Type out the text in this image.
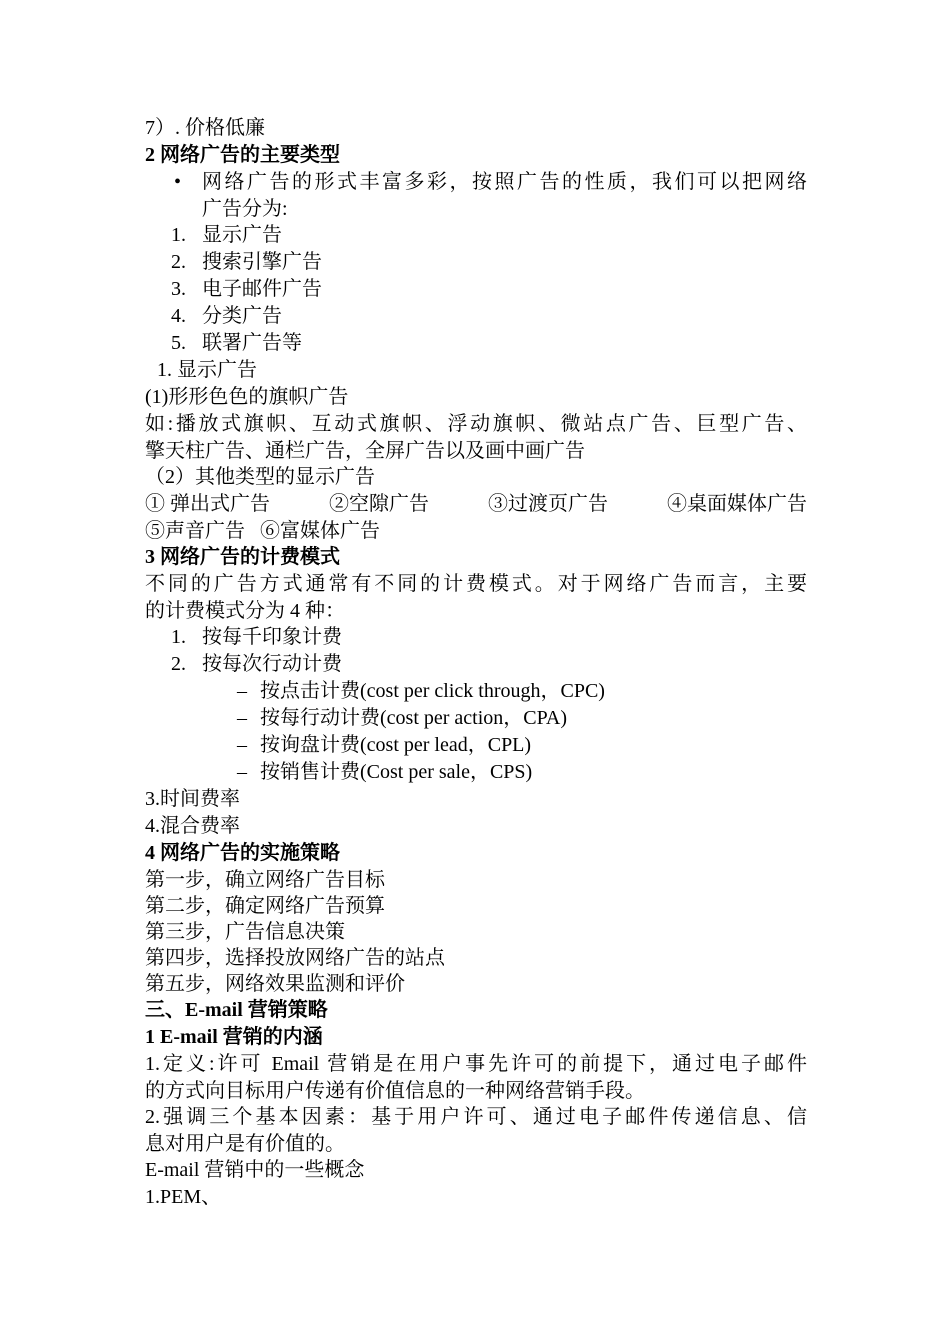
7）. 价格低廉
2 网络广告的主要类型
• 网络广告的形式丰富多彩，按照广告的性质，我们可以把网络
广告分为:
1. 显示广告
2. 搜索引擎广告
3. 电子邮件广告
4. 分类广告
5. 联署广告等
1. 显示广告
(1)形形色色的旗帜广告
如:播放式旗帜、互动式旗帜、浮动旗帜、微站点广告、巨型广告、
擎天柱广告、通栏广告，全屏广告以及画中画广告
（2）其他类型的显示广告
① 弹出式广告	②空隙广告	③过渡页广告	④桌面媒体广告
⑤声音广告   ⑥富媒体广告
3 网络广告的计费模式
不同的广告方式通常有不同的计费模式。对于网络广告而言，主要
的计费模式分为 4 种：
1. 按每千印象计费
2. 按每次行动计费
– 按点击计费(cost per click through，CPC)
– 按每行动计费(cost per action，CPA)
– 按询盘计费(cost per lead，CPL)
– 按销售计费(Cost per sale，CPS)
3.时间费率
4.混合费率
4 网络广告的实施策略
第一步，确立网络广告目标
第二步，确定网络广告预算
第三步，广告信息决策
第四步，选择投放网络广告的站点
第五步，网络效果监测和评价
三、E-mail 营销策略
1 E-mail 营销的内涵
1.定义:许可 Email 营销是在用户事先许可的前提下，通过电子邮件
的方式向目标用户传递有价值信息的一种网络营销手段。
2.强调三个基本因素：基于用户许可、通过电子邮件传递信息、信
息对用户是有价值的。
E-mail 营销中的一些概念
1.PEM、
